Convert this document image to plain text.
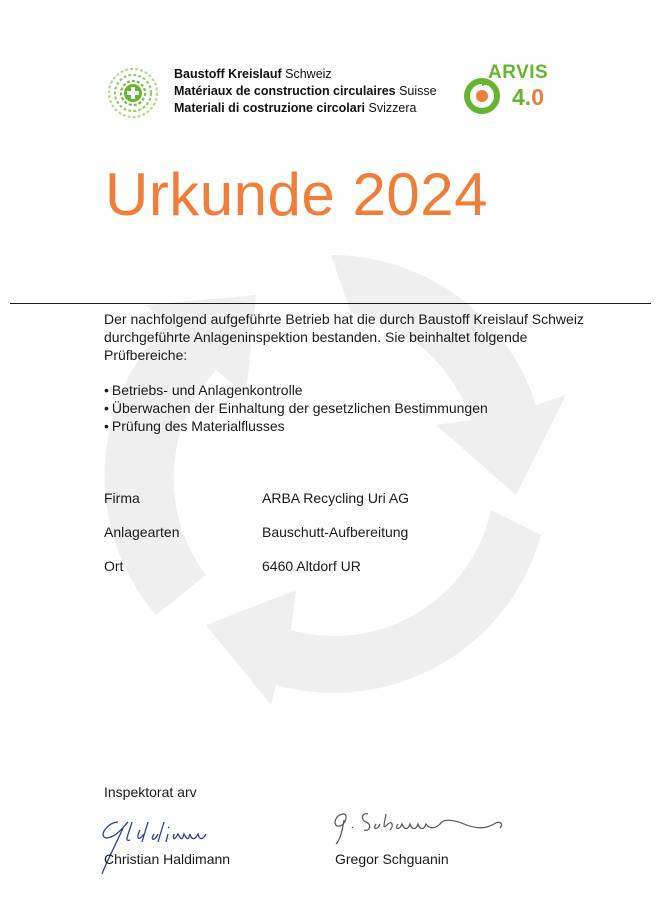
Baustoff Kreislauf Schweiz
Matériaux de construction circulaires Suisse
Materiali di costruzione circolari Svizzera
ARVIS
4.0
Urkunde 2024
Der nachfolgend aufgeführte Betrieb hat die durch Baustoff Kreislauf Schweiz durchgeführte Anlageninspektion bestanden. Sie beinhaltet folgende Prüfbereiche:
• Betriebs- und Anlagenkontrolle
• Überwachen der Einhaltung der gesetzlichen Bestimmungen
• Prüfung des Materialflusses
Firma	ARBA Recycling Uri AG
Anlagearten	Bauschutt-Aufbereitung
Ort	6460 Altdorf UR
Inspektorat arv
Christian Haldimann	Gregor Schguanin
